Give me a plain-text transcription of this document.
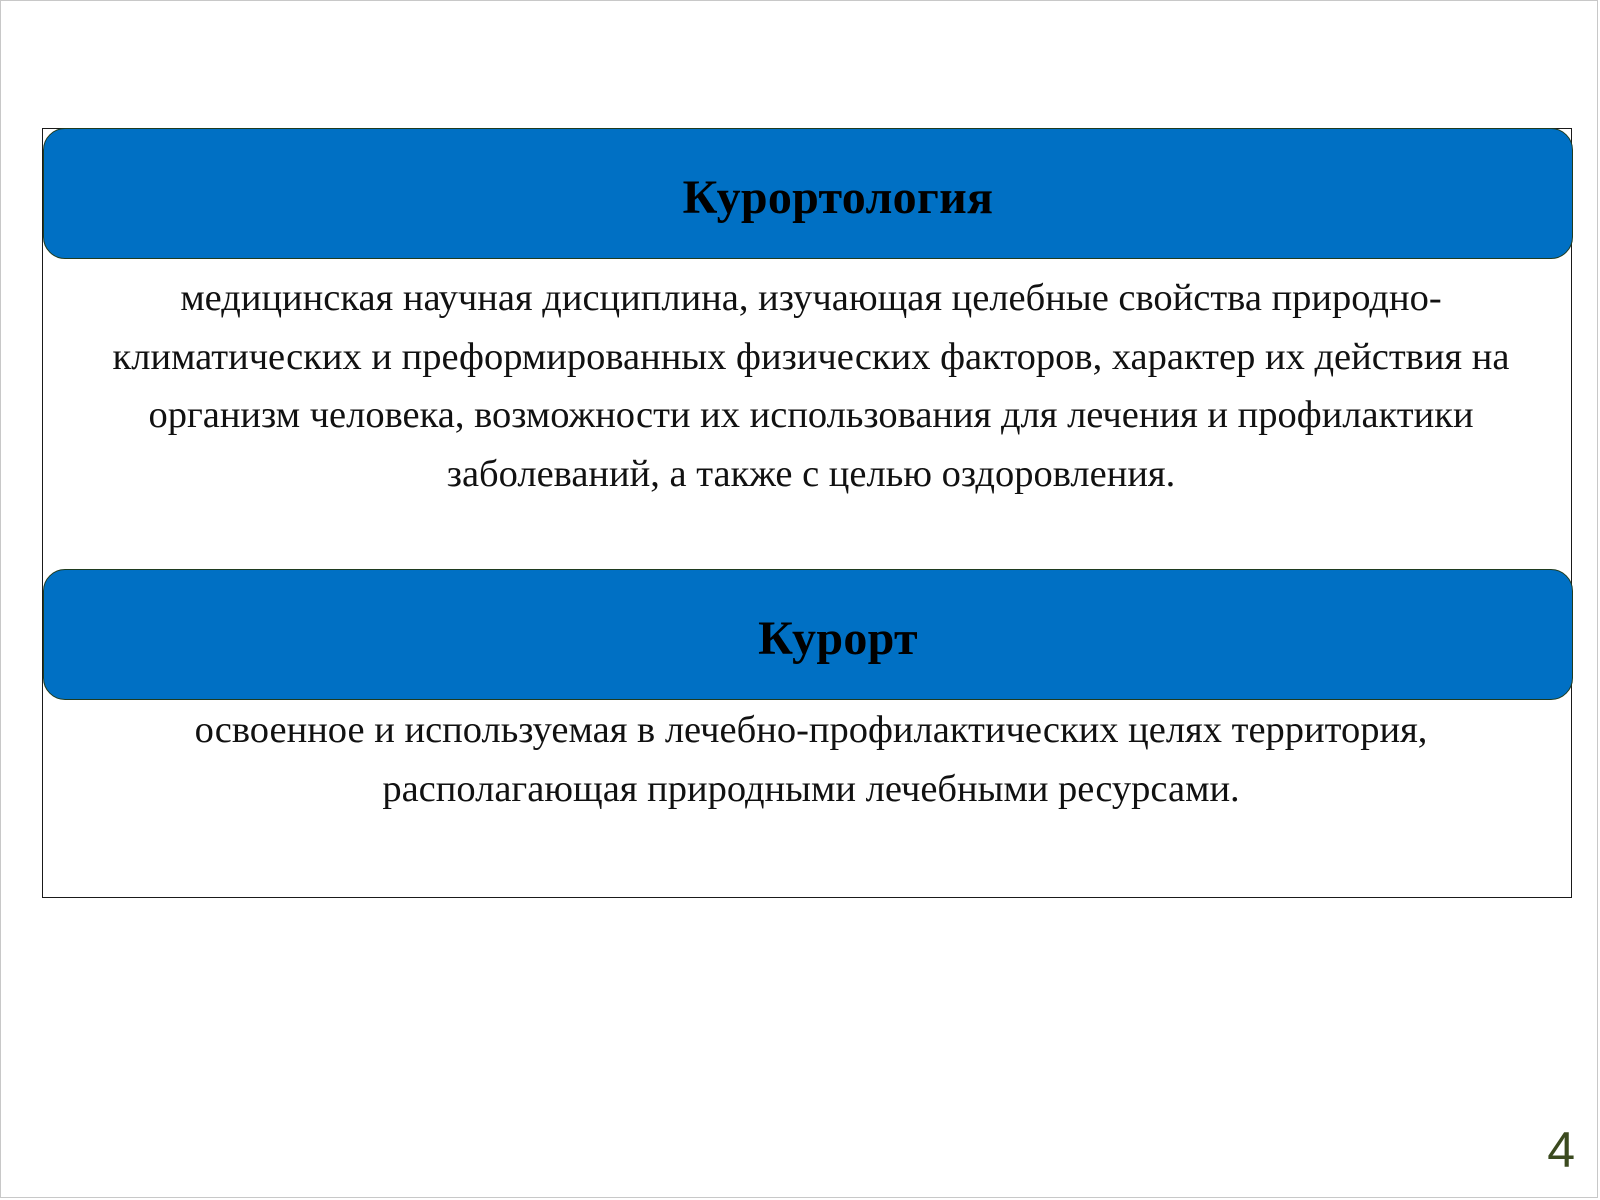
Курортология
медицинская научная дисциплина, изучающая целебные свойства природно-климатических и преформированных физических факторов, характер их действия на организм человека, возможности их использования для лечения и профилактики заболеваний, а также с целью оздоровления.
Курорт
освоенное и используемая в лечебно-профилактических целях территория, располагающая природными лечебными ресурсами.
4
